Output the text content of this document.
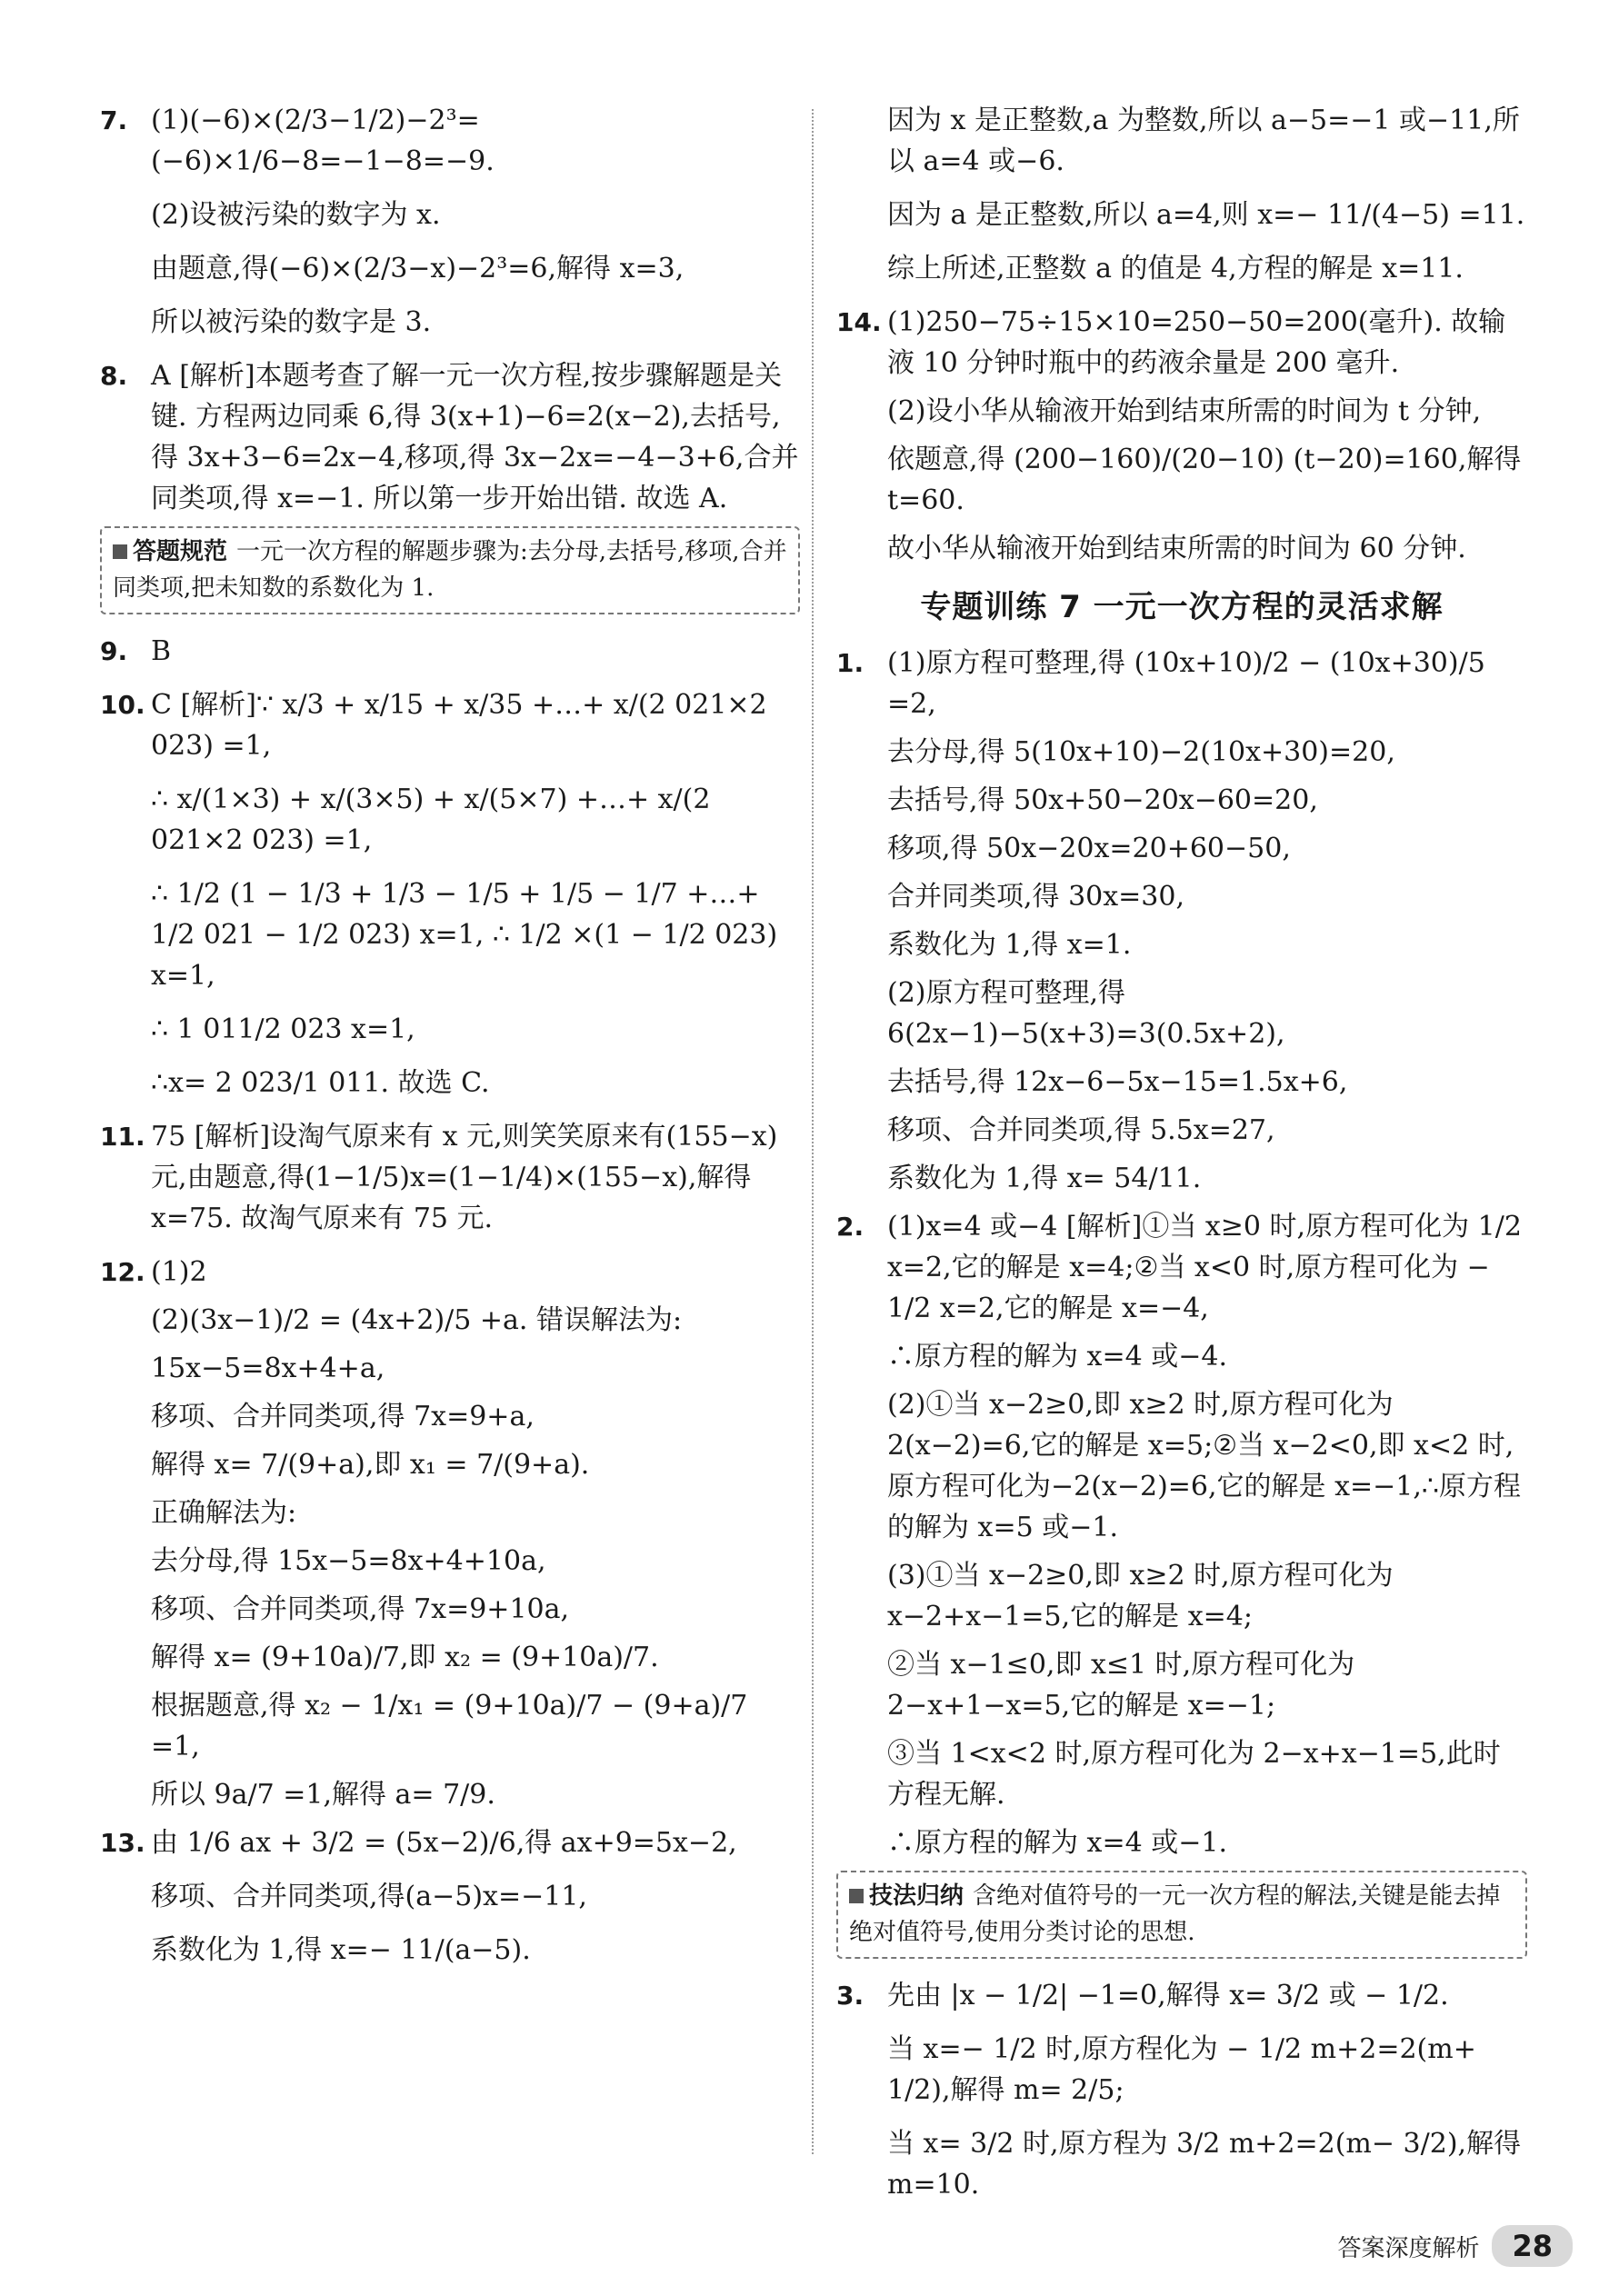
7. (1)(−6)×(2/3−1/2)−2³=(−6)×1/6−8=−1−8=−9.
(2)设被污染的数字为 x.
由题意,得(−6)×(2/3−x)−2³=6,解得 x=3,
所以被污染的数字是 3.
8. A [解析]本题考查了解一元一次方程,按步骤解题是关键. 方程两边同乘 6,得 3(x+1)−6=2(x−2),去括号,得 3x+3−6=2x−4,移项,得 3x−2x=−4−3+6,合并同类项,得 x=−1. 所以第一步开始出错. 故选 A.
答题规范 一元一次方程的解题步骤为:去分母,去括号,移项,合并同类项,把未知数的系数化为 1.
9. B
10. C [解析]∵ x/3 + x/15 + x/35 +…+ x/(2 021×2 023) =1,
∴ x/(1×3) + x/(3×5) + x/(5×7) +…+ x/(2 021×2 023) =1,
∴ 1/2 (1 − 1/3 + 1/3 − 1/5 + 1/5 − 1/7 +…+ 1/2 021 − 1/2 023) x=1, ∴ 1/2 ×(1 − 1/2 023) x=1,
∴ 1 011/2 023 x=1,
∴x= 2 023/1 011. 故选 C.
11. 75 [解析]设淘气原来有 x 元,则笑笑原来有(155−x)元,由题意,得(1−1/5)x=(1−1/4)×(155−x),解得 x=75. 故淘气原来有 75 元.
12. (1)2
(2)(3x−1)/2 = (4x+2)/5 +a. 错误解法为:
15x−5=8x+4+a,
移项、合并同类项,得 7x=9+a,
解得 x= 7/(9+a),即 x₁ = 7/(9+a).
正确解法为:
去分母,得 15x−5=8x+4+10a,
移项、合并同类项,得 7x=9+10a,
解得 x= (9+10a)/7,即 x₂ = (9+10a)/7.
根据题意,得 x₂ − 1/x₁ = (9+10a)/7 − (9+a)/7 =1,
所以 9a/7 =1,解得 a= 7/9.
13. 由 1/6 ax + 3/2 = (5x−2)/6,得 ax+9=5x−2,
移项、合并同类项,得(a−5)x=−11,
系数化为 1,得 x=− 11/(a−5).
因为 x 是正整数,a 为整数,所以 a−5=−1 或−11,所以 a=4 或−6.
因为 a 是正整数,所以 a=4,则 x=− 11/(4−5) =11.
综上所述,正整数 a 的值是 4,方程的解是 x=11.
14. (1)250−75÷15×10=250−50=200(毫升). 故输液 10 分钟时瓶中的药液余量是 200 毫升.
(2)设小华从输液开始到结束所需的时间为 t 分钟,
依题意,得 (200−160)/(20−10) (t−20)=160,解得 t=60.
故小华从输液开始到结束所需的时间为 60 分钟.
专题训练 7 一元一次方程的灵活求解
1. (1)原方程可整理,得 (10x+10)/2 − (10x+30)/5 =2,
去分母,得 5(10x+10)−2(10x+30)=20,
去括号,得 50x+50−20x−60=20,
移项,得 50x−20x=20+60−50,
合并同类项,得 30x=30,
系数化为 1,得 x=1.
(2)原方程可整理,得 6(2x−1)−5(x+3)=3(0.5x+2),
去括号,得 12x−6−5x−15=1.5x+6,
移项、合并同类项,得 5.5x=27,
系数化为 1,得 x= 54/11.
2. (1)x=4 或−4 [解析]①当 x≥0 时,原方程可化为 1/2 x=2,它的解是 x=4;②当 x<0 时,原方程可化为 − 1/2 x=2,它的解是 x=−4,
∴原方程的解为 x=4 或−4.
(2)①当 x−2≥0,即 x≥2 时,原方程可化为 2(x−2)=6,它的解是 x=5;②当 x−2<0,即 x<2 时,原方程可化为−2(x−2)=6,它的解是 x=−1,∴原方程的解为 x=5 或−1.
(3)①当 x−2≥0,即 x≥2 时,原方程可化为 x−2+x−1=5,它的解是 x=4;
②当 x−1≤0,即 x≤1 时,原方程可化为 2−x+1−x=5,它的解是 x=−1;
③当 1<x<2 时,原方程可化为 2−x+x−1=5,此时方程无解.
∴原方程的解为 x=4 或−1.
技法归纳 含绝对值符号的一元一次方程的解法,关键是能去掉绝对值符号,使用分类讨论的思想.
3. 先由 |x − 1/2| −1=0,解得 x= 3/2 或 − 1/2.
当 x=− 1/2 时,原方程化为 − 1/2 m+2=2(m+ 1/2),解得 m= 2/5;
当 x= 3/2 时,原方程为 3/2 m+2=2(m− 3/2),解得 m=10.
答案深度解析	28
